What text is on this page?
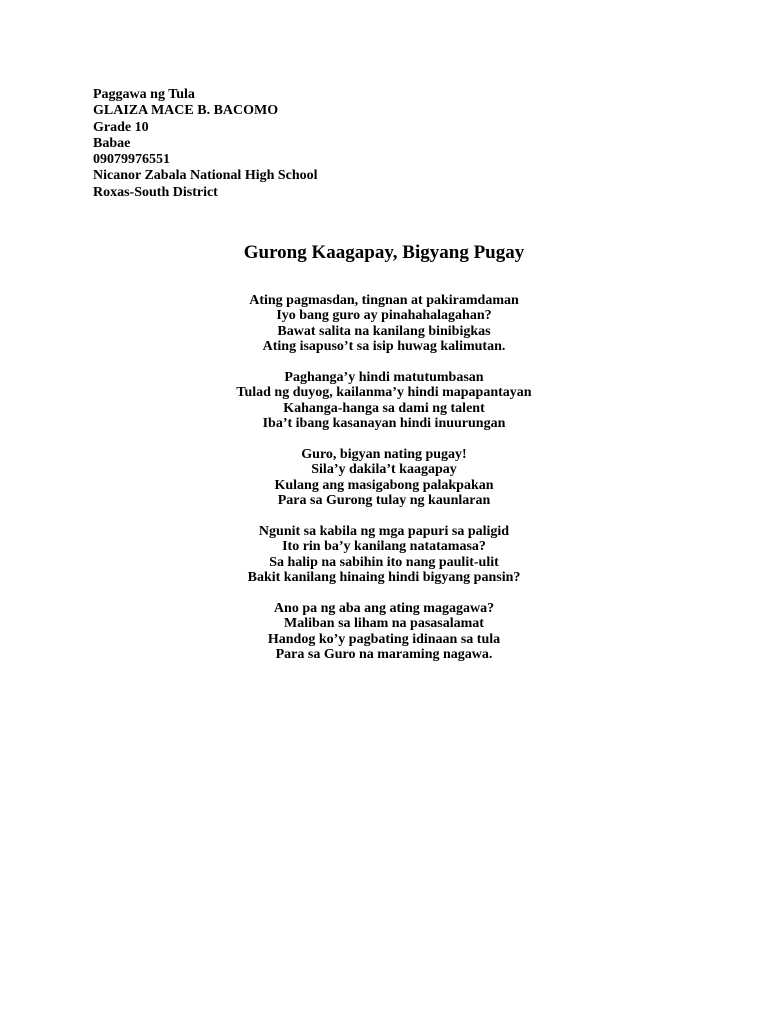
Paggawa ng Tula
GLAIZA MACE B. BACOMO
Grade 10
Babae
09079976551
Nicanor Zabala National High School
Roxas-South District
Gurong Kaagapay, Bigyang Pugay
Ating pagmasdan, tingnan at pakiramdaman
Iyo bang guro ay pinahahalagahan?
Bawat salita na kanilang binibigkas
Ating isapuso’t sa isip huwag kalimutan.
Paghanga’y hindi matutumbasan
Tulad ng duyog, kailanma’y hindi mapapantayan
Kahanga-hanga sa dami ng talent
Iba’t ibang kasanayan hindi inuurungan
Guro, bigyan nating pugay!
Sila’y dakila’t kaagapay
Kulang ang masigabong palakpakan
Para sa Gurong tulay ng kaunlaran
Ngunit sa kabila ng mga papuri sa paligid
Ito rin ba’y kanilang natatamasa?
Sa halip na sabihin ito nang paulit-ulit
Bakit kanilang hinaing hindi bigyang pansin?
Ano pa ng aba ang ating magagawa?
Maliban sa liham na pasasalamat
Handog ko’y pagbating idinaan sa tula
Para sa Guro na maraming nagawa.
